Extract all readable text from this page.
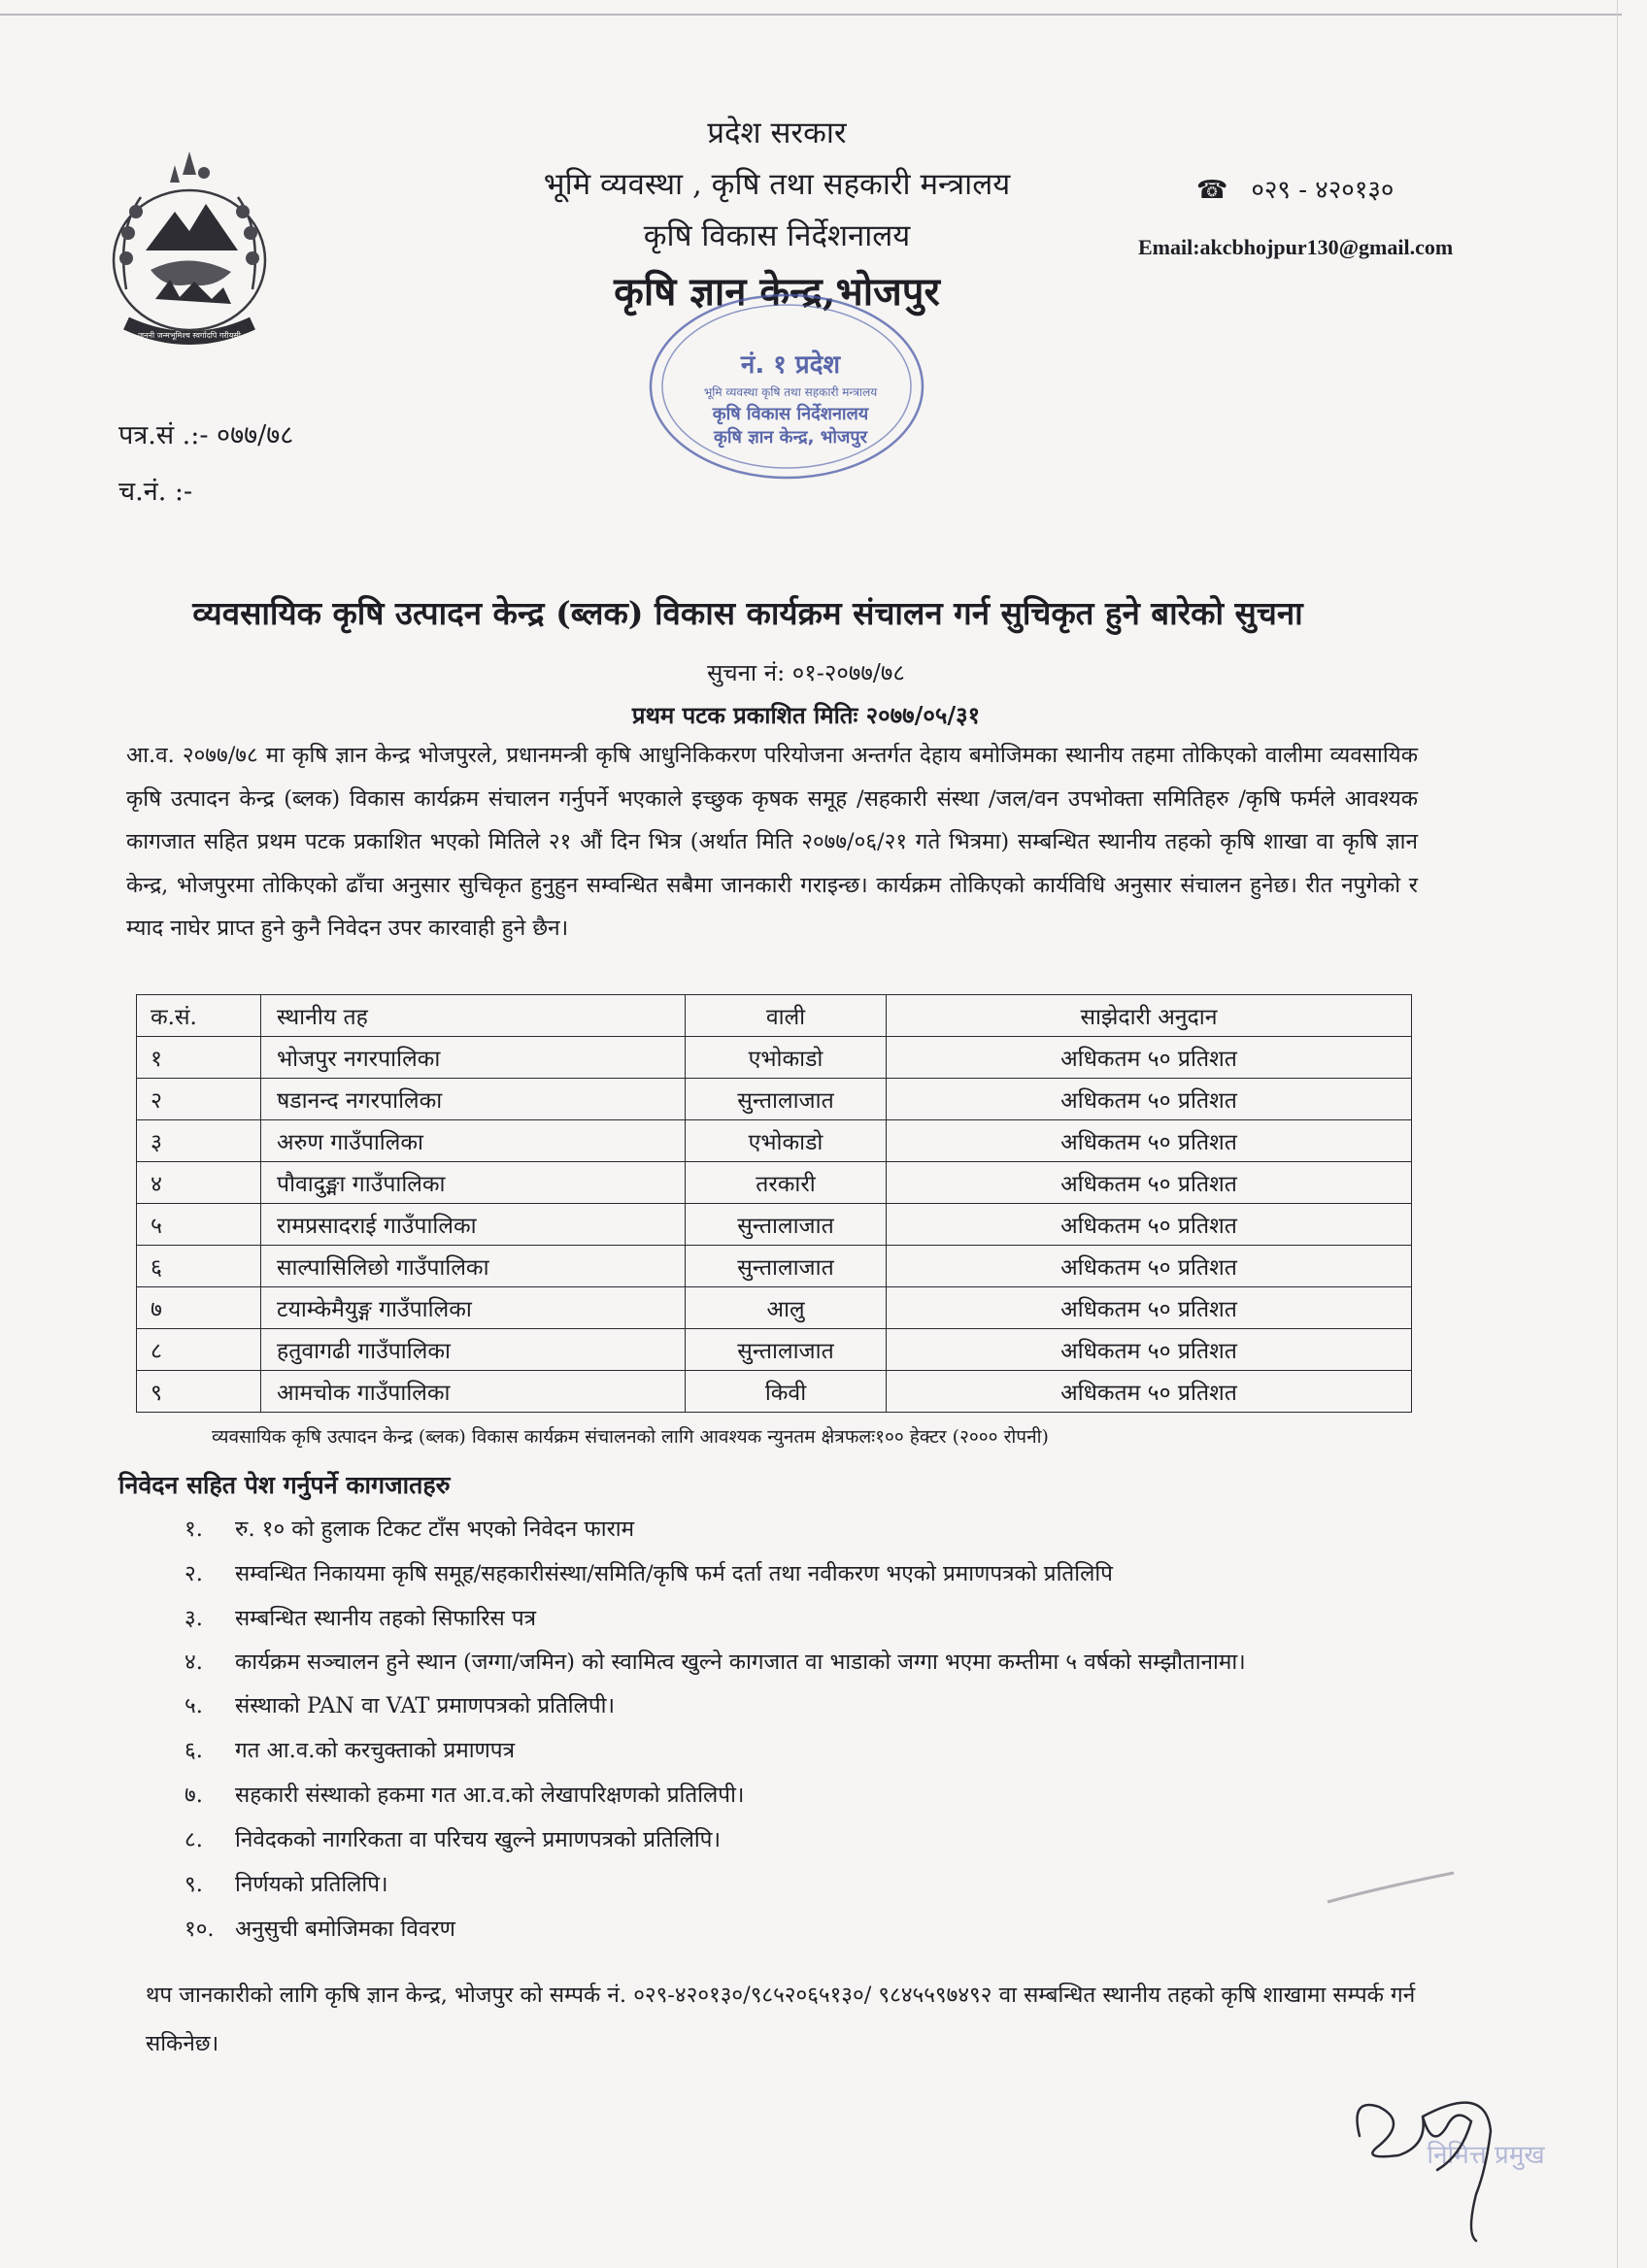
जननी जन्मभूमिश्च स्वर्गादपि गरीयसी

प्रदेश सरकार

भूमि व्यवस्था , कृषि तथा सहकारी मन्त्रालय

कृषि विकास निर्देशनालय

कृषि ज्ञान केन्द्र,भोजपुर

☎ ०२९ - ४२०१३०
Email:akcbhojpur130@gmail.com
पत्र.सं .:- ०७७/७८
च.नं. :-
नं. १ प्रदेश
भूमि व्यवस्था कृषि तथा सहकारी मन्त्रालय
कृषि विकास निर्देशनालय
कृषि ज्ञान केन्द्र, भोजपुर
व्यवसायिक कृषि उत्पादन केन्द्र (ब्लक) विकास कार्यक्रम संचालन गर्न सुचिकृत हुने बारेको सुचना
सुचना नं: ०१-२०७७/७८
प्रथम पटक प्रकाशित मितिः २०७७/०५/३१
आ.व. २०७७/७८ मा कृषि ज्ञान केन्द्र भोजपुरले, प्रधानमन्त्री कृषि आधुनिकिकरण परियोजना अन्तर्गत देहाय बमोजिमका स्थानीय तहमा तोकिएको वालीमा व्यवसायिक कृषि उत्पादन केन्द्र (ब्लक) विकास कार्यक्रम संचालन गर्नुपर्ने भएकाले इच्छुक कृषक समूह /सहकारी संस्था /जल/वन उपभोक्ता समितिहरु /कृषि फर्मले आवश्यक कागजात सहित प्रथम पटक प्रकाशित भएको मितिले २१ औं दिन भित्र (अर्थात मिति २०७७/०६/२१ गते भित्रमा) सम्बन्धित स्थानीय तहको कृषि शाखा वा कृषि ज्ञान केन्द्र, भोजपुरमा तोकिएको ढाँचा अनुसार सुचिकृत हुनुहुन सम्वन्धित सबैमा जानकारी गराइन्छ। कार्यक्रम तोकिएको कार्यविधि अनुसार संचालन हुनेछ। रीत नपुगेको र म्याद नाघेर प्राप्त हुने कुनै निवेदन उपर कारवाही हुने छैन।
क.सं.	स्थानीय तह	वाली	साझेदारी अनुदान
१	भोजपुर नगरपालिका	एभोकाडो	अधिकतम ५० प्रतिशत
२	षडानन्द नगरपालिका	सुन्तालाजात	अधिकतम ५० प्रतिशत
३	अरुण गाउँपालिका	एभोकाडो	अधिकतम ५० प्रतिशत
४	पौवादुङ्मा गाउँपालिका	तरकारी	अधिकतम ५० प्रतिशत
५	रामप्रसादराई गाउँपालिका	सुन्तालाजात	अधिकतम ५० प्रतिशत
६	साल्पासिलिछो गाउँपालिका	सुन्तालाजात	अधिकतम ५० प्रतिशत
७	टयाम्केमैयुङ्ग गाउँपालिका	आलु	अधिकतम ५० प्रतिशत
८	हतुवागढी गाउँपालिका	सुन्तालाजात	अधिकतम ५० प्रतिशत
९	आमचोक गाउँपालिका	किवी	अधिकतम ५० प्रतिशत
व्यवसायिक कृषि उत्पादन केन्द्र (ब्लक) विकास कार्यक्रम संचालनको लागि आवश्यक न्युनतम क्षेत्रफलः१०० हेक्टर (२००० रोपनी)
निवेदन सहित पेश गर्नुपर्ने कागजातहरु
१. रु. १० को हुलाक टिकट टाँस भएको निवेदन फाराम
२. सम्वन्धित निकायमा कृषि समूह/सहकारीसंस्था/समिति/कृषि फर्म दर्ता तथा नवीकरण भएको प्रमाणपत्रको प्रतिलिपि
३. सम्बन्धित स्थानीय तहको सिफारिस पत्र
४. कार्यक्रम सञ्चालन हुने स्थान (जग्गा/जमिन) को स्वामित्व खुल्ने कागजात वा भाडाको जग्गा भएमा कम्तीमा ५ वर्षको सम्झौतानामा।
५. संस्थाको PAN वा VAT प्रमाणपत्रको प्रतिलिपी।
६. गत आ.व.को करचुक्ताको प्रमाणपत्र
७. सहकारी संस्थाको हकमा गत आ.व.को लेखापरिक्षणको प्रतिलिपी।
८. निवेदकको नागरिकता वा परिचय खुल्ने प्रमाणपत्रको प्रतिलिपि।
९. निर्णयको प्रतिलिपि।
१०. अनुसुची बमोजिमका विवरण
थप जानकारीको लागि कृषि ज्ञान केन्द्र, भोजपुर को सम्पर्क नं. ०२९-४२०१३०/९८५२०६५१३०/ ९८४५५९७४९२ वा सम्बन्धित स्थानीय तहको कृषि शाखामा सम्पर्क गर्न सकिनेछ।
निमित्त प्रमुख
